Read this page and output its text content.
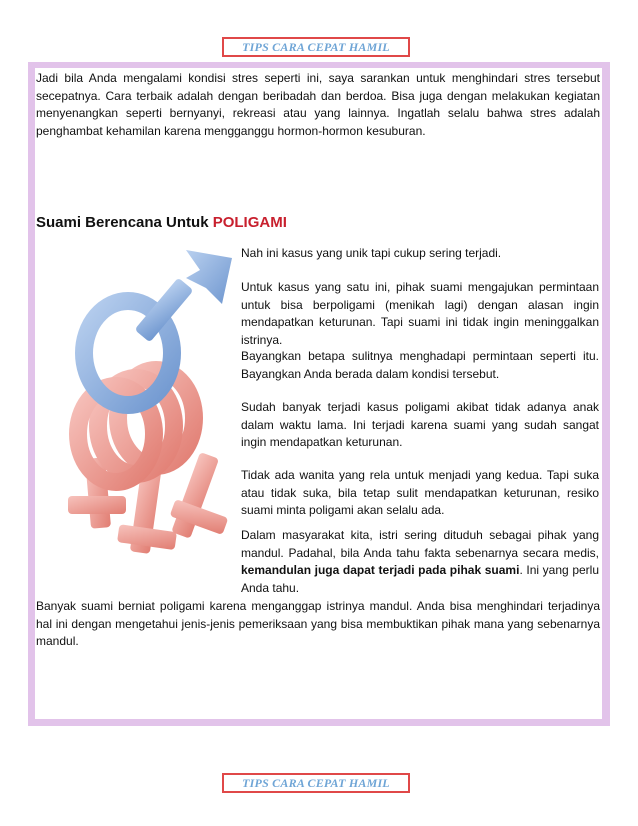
TIPS CARA CEPAT HAMIL
Jadi bila Anda mengalami kondisi stres seperti ini, saya sarankan untuk menghindari stres tersebut secepatnya. Cara terbaik adalah dengan beribadah dan berdoa. Bisa juga dengan melakukan kegiatan menyenangkan seperti bernyanyi, rekreasi atau yang lainnya. Ingatlah selalu bahwa stres adalah penghambat kehamilan karena mengganggu hormon-hormon kesuburan.
Suami Berencana Untuk POLIGAMI
Nah ini kasus yang unik tapi cukup sering terjadi.
Untuk kasus yang satu ini, pihak suami mengajukan permintaan untuk bisa berpoligami (menikah lagi) dengan alasan ingin mendapatkan keturunan. Tapi suami ini tidak ingin meninggalkan istrinya.
Bayangkan betapa sulitnya menghadapi permintaan seperti itu. Bayangkan Anda berada dalam kondisi tersebut.
Sudah banyak terjadi kasus poligami akibat tidak adanya anak dalam waktu lama. Ini terjadi karena suami yang sudah sangat ingin mendapatkan keturunan.
Tidak ada wanita yang rela untuk menjadi yang kedua. Tapi suka atau tidak suka, bila tetap sulit mendapatkan keturunan, resiko suami minta poligami akan selalu ada.
Dalam masyarakat kita, istri sering dituduh sebagai pihak yang mandul. Padahal, bila Anda tahu fakta sebenarnya secara medis, kemandulan juga dapat terjadi pada pihak suami. Ini yang perlu Anda tahu.
Banyak suami berniat poligami karena menganggap istrinya mandul. Anda bisa menghindari terjadinya hal ini dengan mengetahui jenis-jenis pemeriksaan yang bisa membuktikan pihak mana yang sebenarnya mandul.
TIPS CARA CEPAT HAMIL
